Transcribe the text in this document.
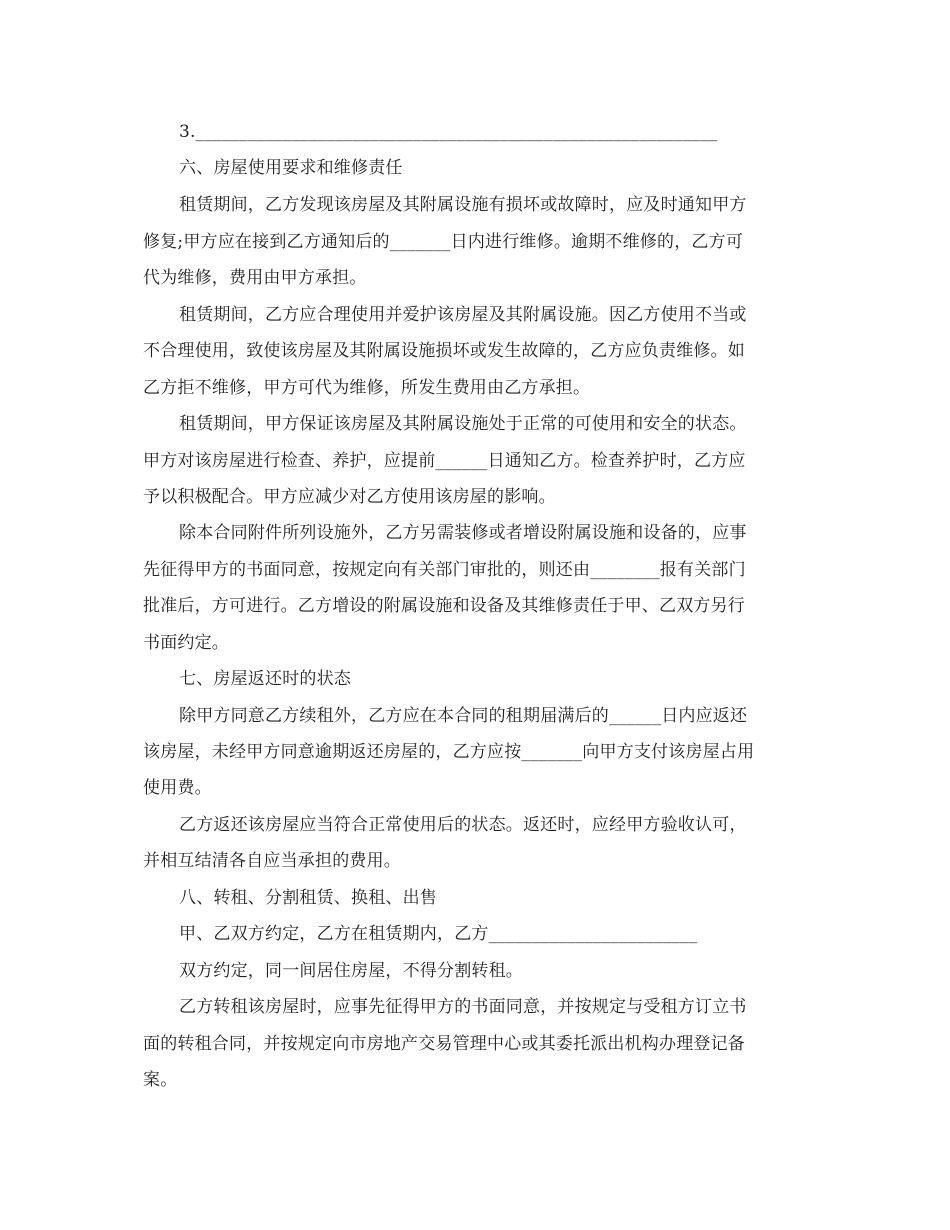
3.____________________________________________________________
六、房屋使用要求和维修责任
租赁期间，乙方发现该房屋及其附属设施有损坏或故障时，应及时通知甲方
修复;甲方应在接到乙方通知后的_______日内进行维修。逾期不维修的，乙方可
代为维修，费用由甲方承担。
租赁期间，乙方应合理使用并爱护该房屋及其附属设施。因乙方使用不当或
不合理使用，致使该房屋及其附属设施损坏或发生故障的，乙方应负责维修。如
乙方拒不维修，甲方可代为维修，所发生费用由乙方承担。
租赁期间，甲方保证该房屋及其附属设施处于正常的可使用和安全的状态。
甲方对该房屋进行检查、养护，应提前______日通知乙方。检查养护时，乙方应
予以积极配合。甲方应减少对乙方使用该房屋的影响。
除本合同附件所列设施外，乙方另需装修或者增设附属设施和设备的，应事
先征得甲方的书面同意，按规定向有关部门审批的，则还由________报有关部门
批准后，方可进行。乙方增设的附属设施和设备及其维修责任于甲、乙双方另行
书面约定。
七、房屋返还时的状态
除甲方同意乙方续租外，乙方应在本合同的租期届满后的______日内应返还
该房屋，未经甲方同意逾期返还房屋的，乙方应按_______向甲方支付该房屋占用
使用费。
乙方返还该房屋应当符合正常使用后的状态。返还时，应经甲方验收认可，
并相互结清各自应当承担的费用。
八、转租、分割租赁、换租、出售
甲、乙双方约定，乙方在租赁期内，乙方________________________
双方约定，同一间居住房屋，不得分割转租。
乙方转租该房屋时，应事先征得甲方的书面同意，并按规定与受租方订立书
面的转租合同，并按规定向市房地产交易管理中心或其委托派出机构办理登记备
案。
